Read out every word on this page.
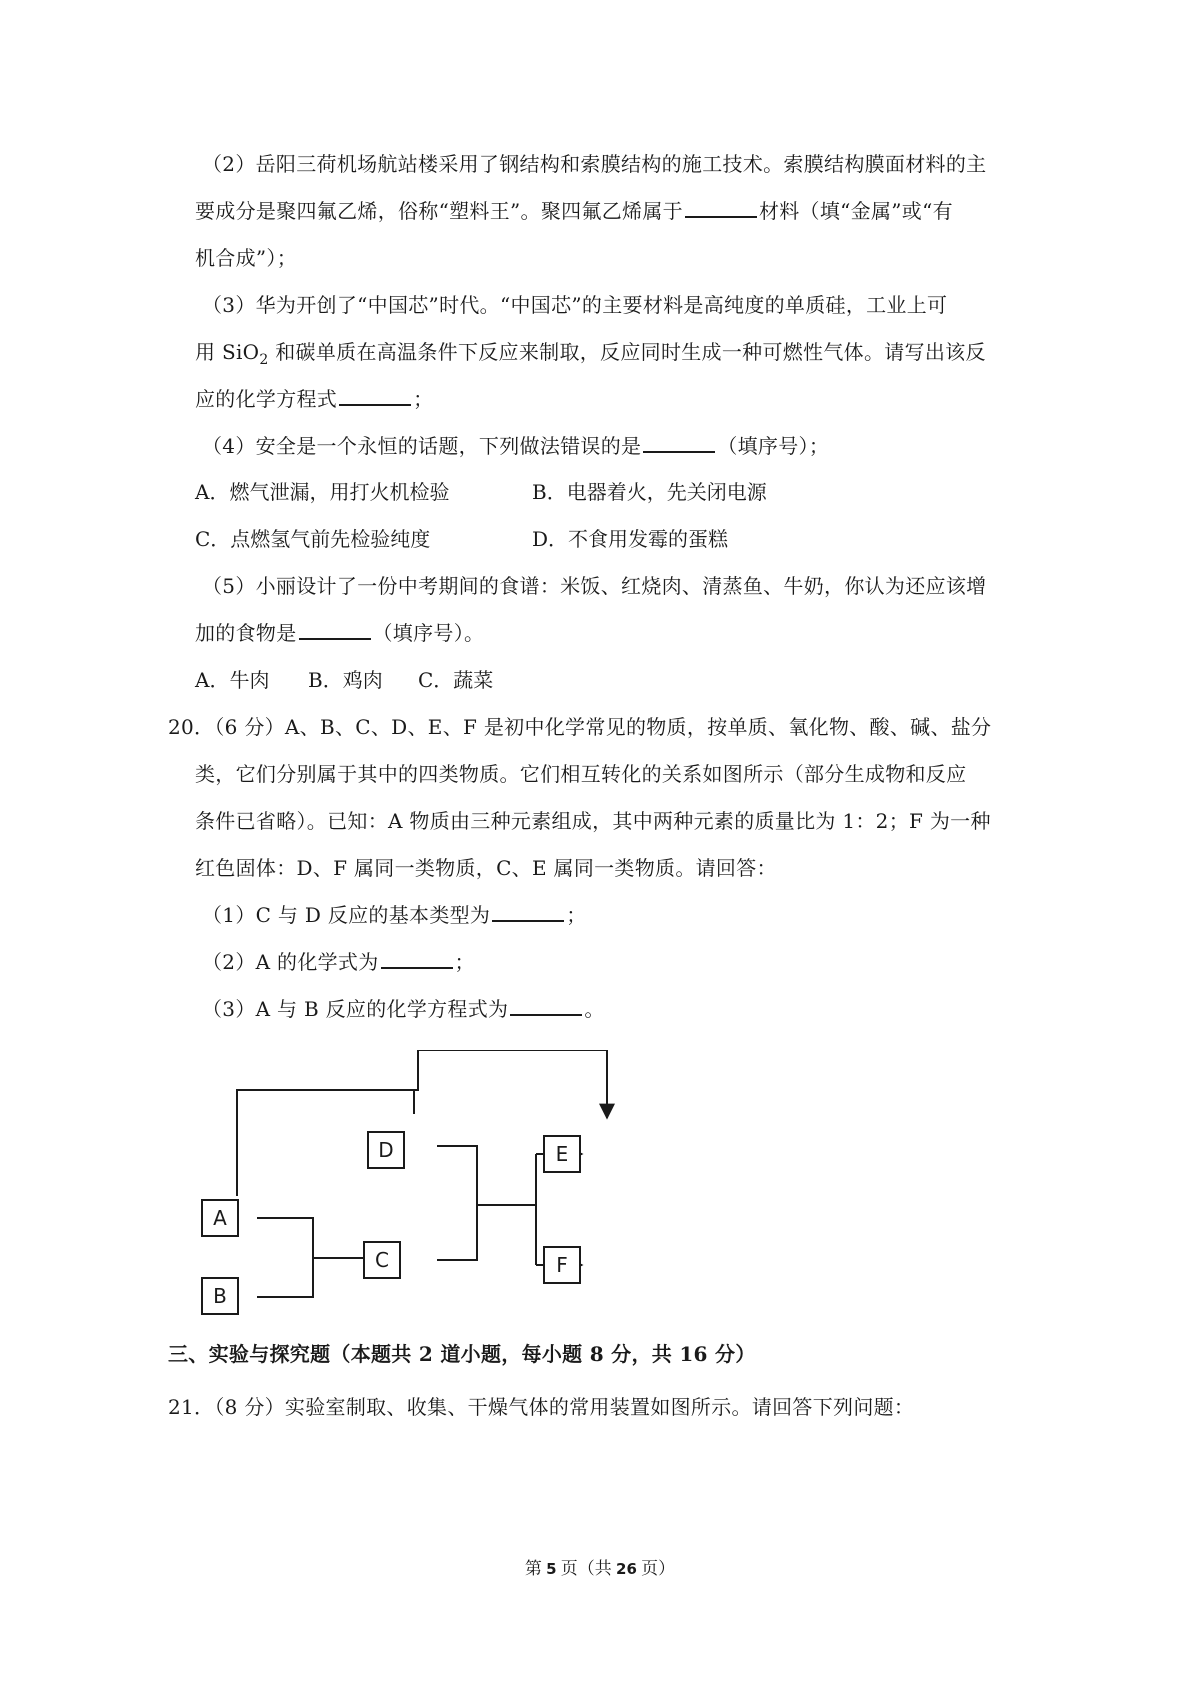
（2）岳阳三荷机场航站楼采用了钢结构和索膜结构的施工技术。索膜结构膜面材料的主
要成分是聚四氟乙烯，俗称“塑料王”。聚四氟乙烯属于	材料（填“金属”或“有
机合成”）；
（3）华为开创了“中国芯”时代。“中国芯”的主要材料是高纯度的单质硅，工业上可
用 SiO$_2$ 和碳单质在高温条件下反应来制取，反应同时生成一种可燃性气体。请写出该反
应的化学方程式	；
（4）安全是一个永恒的话题，下列做法错误的是	（填序号）；
A．燃气泄漏，用打火机检验	B．电器着火，先关闭电源
C．点燃氢气前先检验纯度	D．不食用发霉的蛋糕
（5）小丽设计了一份中考期间的食谱：米饭、红烧肉、清蒸鱼、牛奶，你认为还应该增
加的食物是	（填序号）。
A．牛肉 B．鸡肉 C．蔬菜
20．（6 分）A、B、C、D、E、F 是初中化学常见的物质，按单质、氧化物、酸、碱、盐分
类，它们分别属于其中的四类物质。它们相互转化的关系如图所示（部分生成物和反应
条件已省略）。已知：A 物质由三种元素组成，其中两种元素的质量比为 1：2；F 为一种
红色固体：D、F 属同一类物质，C、E 属同一类物质。请回答：
（1）C 与 D 反应的基本类型为	；
（2）A 的化学式为	；
（3）A 与 B 反应的化学方程式为	。
A
B
C
D	E
F
三、实验与探究题（本题共 2 道小题，每小题 8 分，共 16 分）
21．（8 分）实验室制取、收集、干燥气体的常用装置如图所示。请回答下列问题：
第 5 页（共 26 页）
